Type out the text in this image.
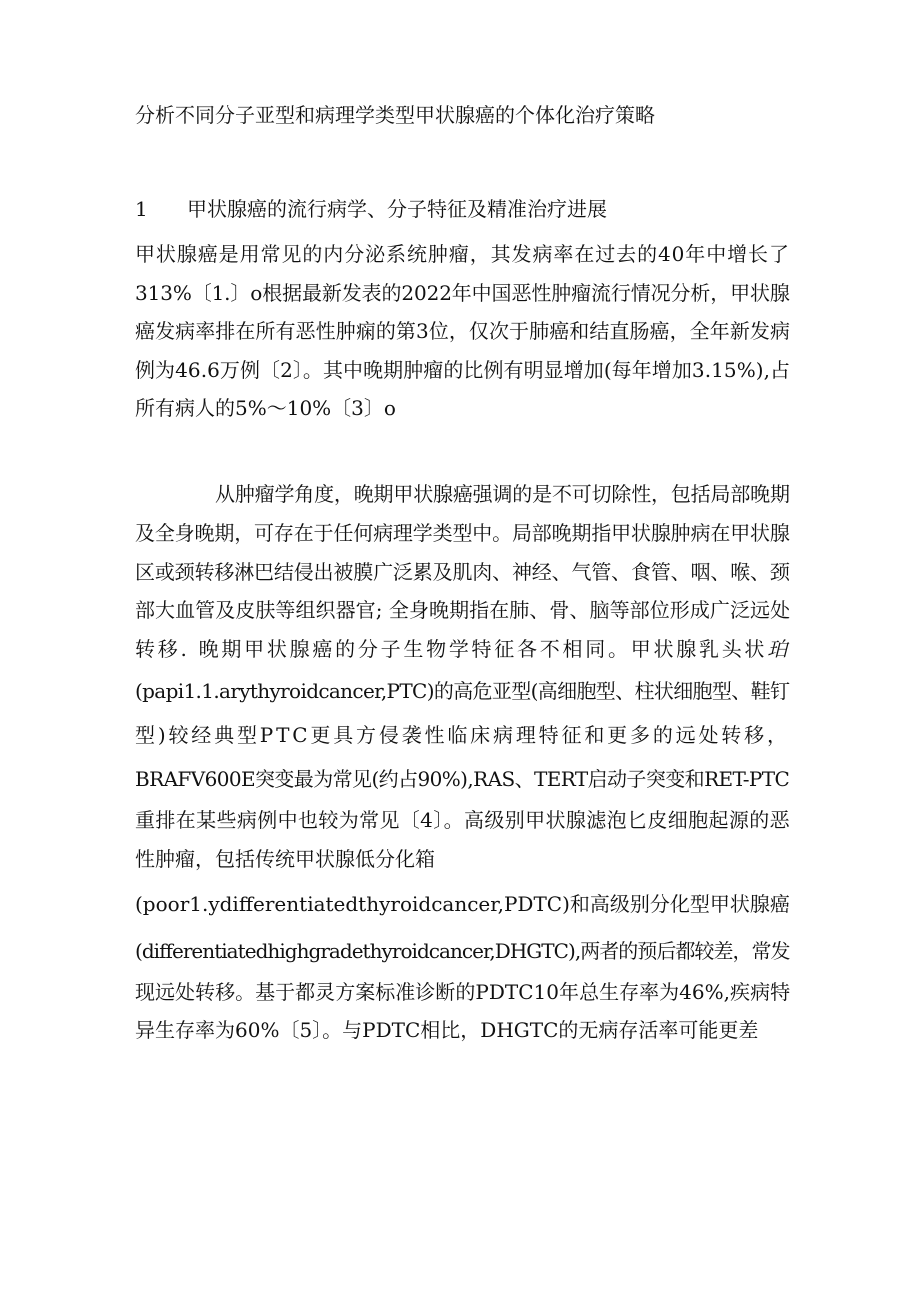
分析不同分子亚型和病理学类型甲状腺癌的个体化治疗策略
1 甲状腺癌的流行病学、分子特征及精准治疗进展
甲状腺癌是用常见的内分泌系统肿瘤，其发病率在过去的40年中增长了
313%〔1.〕o根据最新发表的2022年中国恶性肿瘤流行情况分析，甲状腺
癌发病率排在所有恶性肿痫的第3位，仅次于肺癌和结直肠癌，全年新发病
例为46.6万例〔2〕。其中晚期肿瘤的比例有明显增加(每年增加3.15%),占
所有病人的5%～10%〔3〕o
从肿瘤学角度，晚期甲状腺癌强调的是不可切除性，包括局部晚期
及全身晚期，可存在于任何病理学类型中。局部晚期指甲状腺肿病在甲状腺
区或颈转移淋巴结侵出被膜广泛累及肌肉、神经、气管、食管、咽、喉、颈
部大血管及皮肤等组织器官; 全身晚期指在肺、骨、脑等部位形成广泛远处
转移. 晚期甲状腺癌的分子生物学特征各不相同。甲状腺乳头状珀
(papi1.1.arythyroidcancer,PTC)的高危亚型(高细胞型、柱状细胞型、鞋钉
型)较经典型PTC更具方侵袭性临床病理特征和更多的远处转移，
BRAFV600E突变最为常见(约占90%),RAS、TERT启动子突变和RET-PTC
重排在某些病例中也较为常见〔4〕。高级别甲状腺滤泡匕皮细胞起源的恶
性肿瘤，包括传统甲状腺低分化箱
(poor1.ydifferentiatedthyroidcancer,PDTC)和高级别分化型甲状腺癌
(differentiatedhighgradethyroidcancer,DHGTC),两者的预后都较差，常发
现远处转移。基于都灵方案标准诊断的PDTC10年总生存率为46%,疾病特
异生存率为60%〔5〕。与PDTC相比，DHGTC的无病存活率可能更差
